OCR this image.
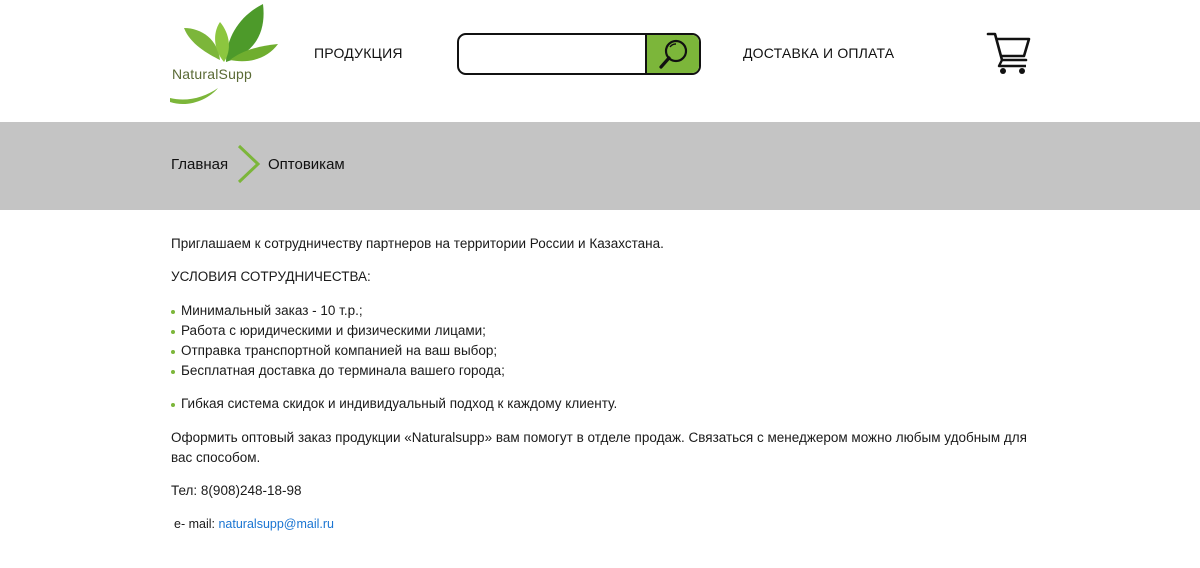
NaturalSupp
ПРОДУКЦИЯ	ДОСТАВКА И ОПЛАТА
Главная	Оптовикам

Приглашаем к сотрудничеству партнеров на территории России и Казахстана.

УСЛОВИЯ СОТРУДНИЧЕСТВА:

Минимальный заказ - 10 т.р.;
Работа с юридическими и физическими лицами;
Отправка транспортной компанией на ваш выбор;
Бесплатная доставка до терминала вашего города;
Гибкая система скидок и индивидуальный подход к каждому клиенту.

Оформить оптовый заказ продукции «Naturalsupp» вам помогут в отделе продаж. Связаться с менеджером можно любым удобным для вас способом.

Тел: 8(908)248-18-98

е- mail: naturalsupp@mail.ru
